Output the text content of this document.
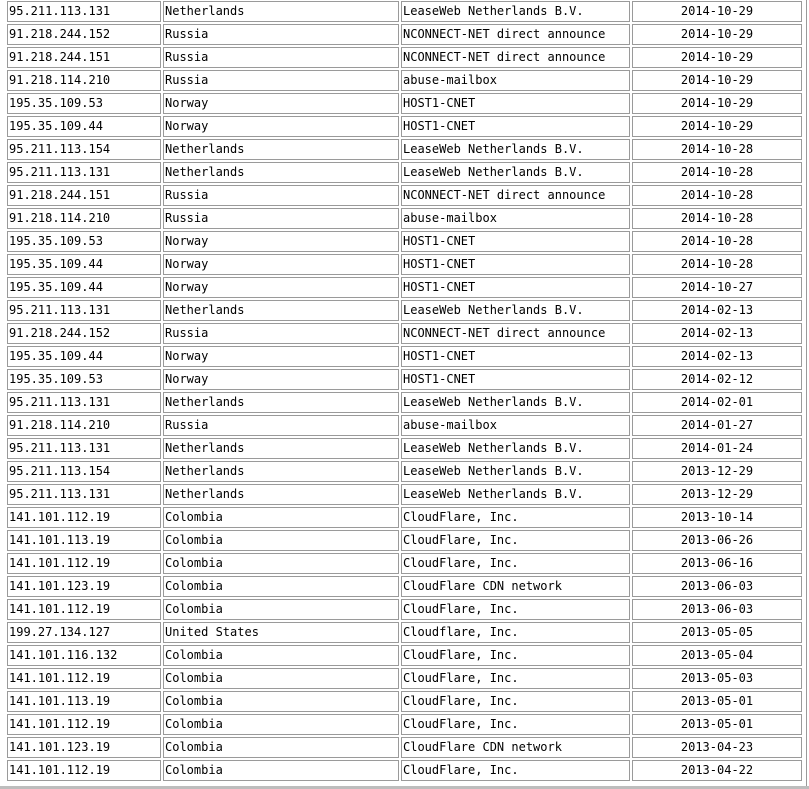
95.211.113.131	Netherlands	LeaseWeb Netherlands B.V.	2014-10-29
91.218.244.152	Russia	NCONNECT-NET direct announce	2014-10-29
91.218.244.151	Russia	NCONNECT-NET direct announce	2014-10-29
91.218.114.210	Russia	abuse-mailbox	2014-10-29
195.35.109.53	Norway	HOST1-CNET	2014-10-29
195.35.109.44	Norway	HOST1-CNET	2014-10-29
95.211.113.154	Netherlands	LeaseWeb Netherlands B.V.	2014-10-28
95.211.113.131	Netherlands	LeaseWeb Netherlands B.V.	2014-10-28
91.218.244.151	Russia	NCONNECT-NET direct announce	2014-10-28
91.218.114.210	Russia	abuse-mailbox	2014-10-28
195.35.109.53	Norway	HOST1-CNET	2014-10-28
195.35.109.44	Norway	HOST1-CNET	2014-10-28
195.35.109.44	Norway	HOST1-CNET	2014-10-27
95.211.113.131	Netherlands	LeaseWeb Netherlands B.V.	2014-02-13
91.218.244.152	Russia	NCONNECT-NET direct announce	2014-02-13
195.35.109.44	Norway	HOST1-CNET	2014-02-13
195.35.109.53	Norway	HOST1-CNET	2014-02-12
95.211.113.131	Netherlands	LeaseWeb Netherlands B.V.	2014-02-01
91.218.114.210	Russia	abuse-mailbox	2014-01-27
95.211.113.131	Netherlands	LeaseWeb Netherlands B.V.	2014-01-24
95.211.113.154	Netherlands	LeaseWeb Netherlands B.V.	2013-12-29
95.211.113.131	Netherlands	LeaseWeb Netherlands B.V.	2013-12-29
141.101.112.19	Colombia	CloudFlare, Inc.	2013-10-14
141.101.113.19	Colombia	CloudFlare, Inc.	2013-06-26
141.101.112.19	Colombia	CloudFlare, Inc.	2013-06-16
141.101.123.19	Colombia	CloudFlare CDN network	2013-06-03
141.101.112.19	Colombia	CloudFlare, Inc.	2013-06-03
199.27.134.127	United States	Cloudflare, Inc.	2013-05-05
141.101.116.132	Colombia	CloudFlare, Inc.	2013-05-04
141.101.112.19	Colombia	CloudFlare, Inc.	2013-05-03
141.101.113.19	Colombia	CloudFlare, Inc.	2013-05-01
141.101.112.19	Colombia	CloudFlare, Inc.	2013-05-01
141.101.123.19	Colombia	CloudFlare CDN network	2013-04-23
141.101.112.19	Colombia	CloudFlare, Inc.	2013-04-22
